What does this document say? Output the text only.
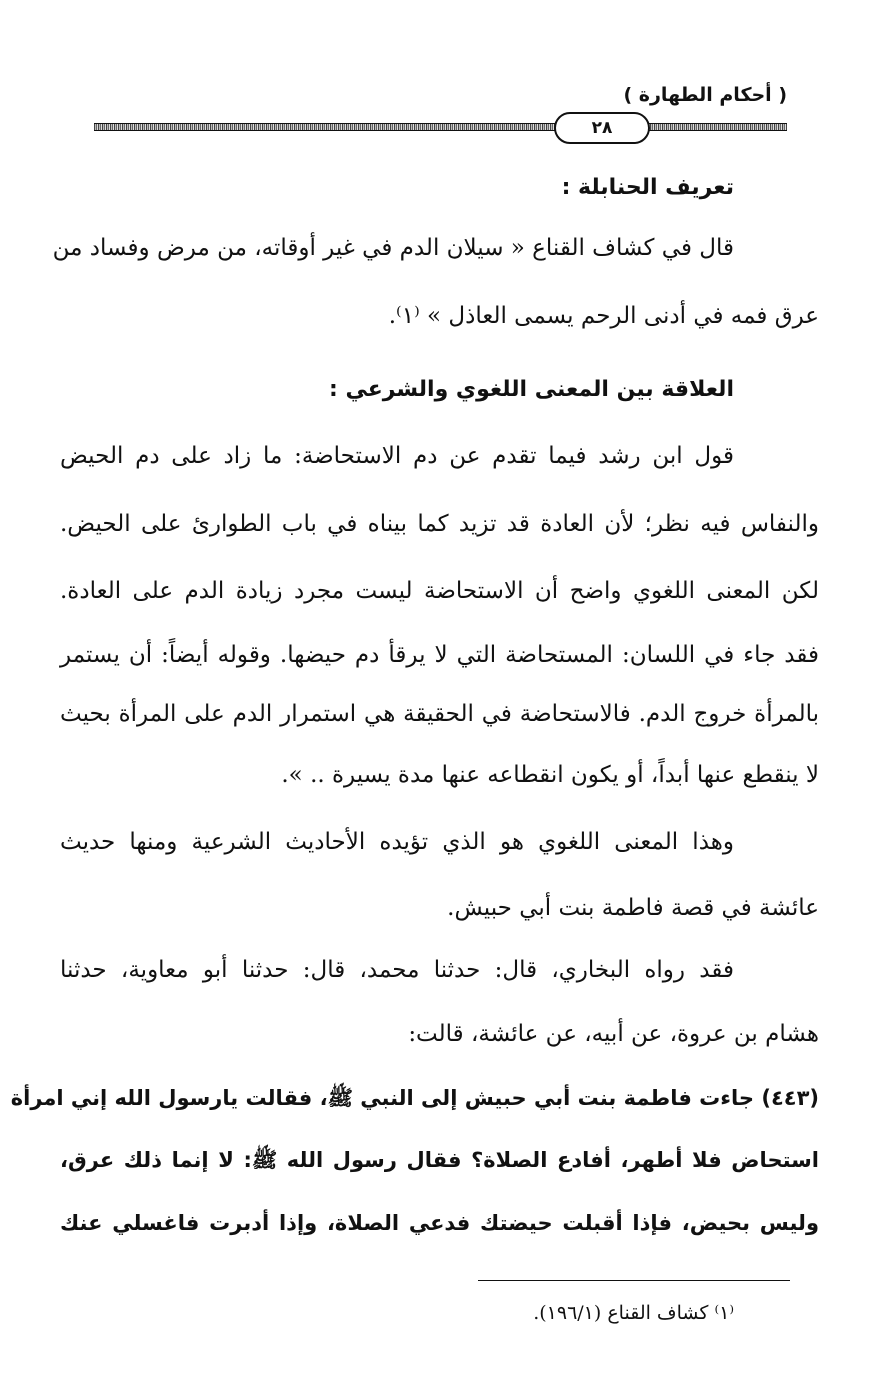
( أحكام الطهارة )
٢٨
تعريف الحنابلة :
قال في كشاف القناع « سيلان الدم في غير أوقاته، من مرض وفساد من
عرق فمه في أدنى الرحم يسمى العاذل » ⁽١⁾.
العلاقة بين المعنى اللغوي والشرعي :
قول ابن رشد فيما تقدم عن دم الاستحاضة: ما زاد على دم الحيض
والنفاس فيه نظر؛ لأن العادة قد تزيد كما بيناه في باب الطوارئ على الحيض.
لكن المعنى اللغوي واضح أن الاستحاضة ليست مجرد زيادة الدم على العادة.
فقد جاء في اللسان: المستحاضة التي لا يرقأ دم حيضها. وقوله أيضاً: أن يستمر
بالمرأة خروج الدم. فالاستحاضة في الحقيقة هي استمرار الدم على المرأة بحيث
لا ينقطع عنها أبداً، أو يكون انقطاعه عنها مدة يسيرة .. ».
وهذا المعنى اللغوي هو الذي تؤيده الأحاديث الشرعية ومنها حديث
عائشة في قصة فاطمة بنت أبي حبيش.
فقد رواه البخاري، قال: حدثنا محمد، قال: حدثنا أبو معاوية، حدثنا
هشام بن عروة، عن أبيه، عن عائشة، قالت:
(٤٤٣) جاءت فاطمة بنت أبي حبيش إلى النبي ﷺ، فقالت يارسول الله إني امرأة
استحاض فلا أطهر، أفادع الصلاة؟ فقال رسول الله ﷺ: لا إنما ذلك عرق،
وليس بحيض، فإذا أقبلت حيضتك فدعي الصلاة، وإذا أدبرت فاغسلي عنك
⁽١⁾ كشاف القناع (١٩٦/١).
